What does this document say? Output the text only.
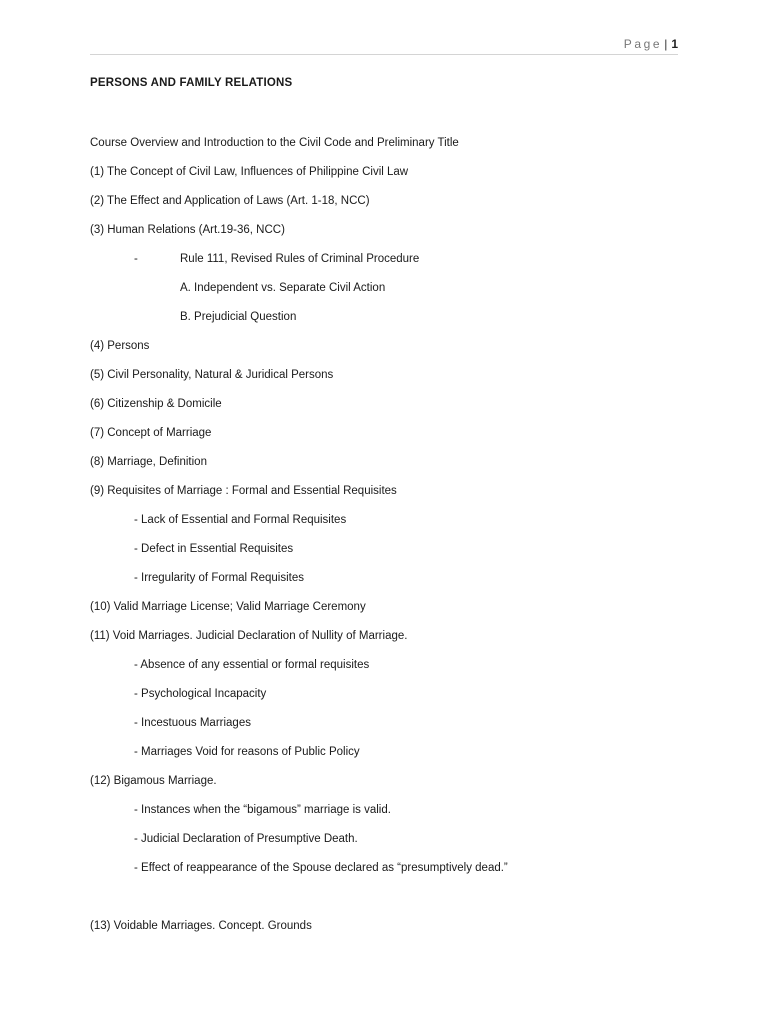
Page | 1
PERSONS AND FAMILY RELATIONS
Course Overview and Introduction to the Civil Code and Preliminary Title
(1) The Concept of Civil Law, Influences of Philippine Civil Law
(2) The Effect and Application of Laws (Art. 1-18, NCC)
(3) Human Relations (Art.19-36, NCC)
-	Rule 111, Revised Rules of Criminal Procedure
A. Independent vs. Separate Civil Action
B. Prejudicial Question
(4) Persons
(5) Civil Personality, Natural & Juridical Persons
(6) Citizenship & Domicile
(7) Concept of Marriage
(8) Marriage, Definition
(9) Requisites of Marriage : Formal and Essential Requisites
- Lack of Essential and Formal Requisites
- Defect in Essential Requisites
- Irregularity of Formal Requisites
(10) Valid Marriage License; Valid Marriage Ceremony
(11) Void Marriages. Judicial Declaration of Nullity of Marriage.
- Absence of any essential or formal requisites
- Psychological Incapacity
- Incestuous Marriages
- Marriages Void for reasons of Public Policy
(12) Bigamous Marriage.
- Instances when the “bigamous” marriage is valid.
- Judicial Declaration of Presumptive Death.
- Effect of reappearance of the Spouse declared as “presumptively dead.”
(13) Voidable Marriages. Concept. Grounds
